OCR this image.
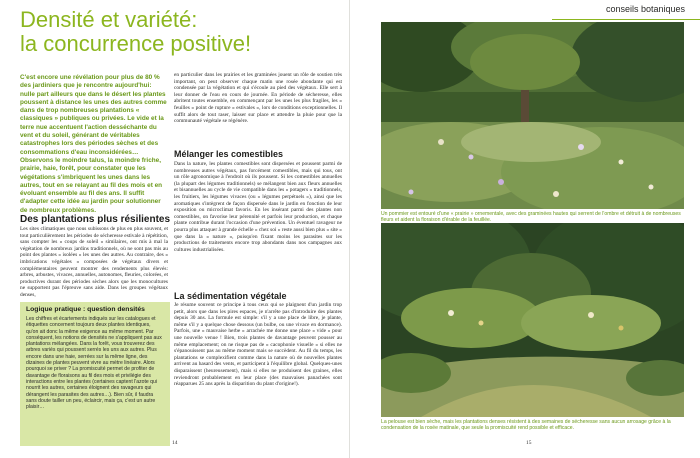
Densité et variété:
la concurrence positive!
C'est encore une révélation pour plus de 80 % des jardiniers que je rencontre aujourd'hui: nulle part ailleurs que dans le désert les plantes poussent à distance les unes des autres comme dans de trop nombreuses plantations « classiques » publiques ou privées. Le vide et la terre nue accentuent l'action desséchante du vent et du soleil, générant de véritables catastrophes lors des périodes sèches et des consommations d'eau inconsidérées… Observons le moindre talus, la moindre friche, prairie, haie, forêt, pour constater que les végétations s'imbriquent les unes dans les autres, tout en se relayant au fil des mois et en évoluant ensemble au fil des ans. Il suffit d'adapter cette idée au jardin pour solutionner de nombreux problèmes.
Des plantations plus résilientes
Les sites climatiques que nous subissons de plus en plus souvent, et tout particulièrement les périodes de sécheresse estivale à répétition, sans compter les « coups de soleil » similaires, ont mis à mal la végétation de nombreux jardins traditionnels, où ne sont pas mis au point des plantes « isolées » les unes des autres. Au contraire, des « imbrications végétales » composées de végétaux divers et complémentaires peuvent montrer des rendements plus élevés: arbres, arbustes, vivaces, annuelles, autonomes, fleuries, colorées, et productives durant des périodes sèches alors que les monocultures ne supportent pas l'épreuve sans aide. Dans les groupes végétaux denses,
Logique pratique : question densités
Les chiffres et écartements indiqués sur les catalogues et étiquettes concernent toujours deux plantes identiques, qu'on ait donc la même exigence au même moment. Par conséquent, les notions de densités ne s'appliquent pas aux plantations mélangées. Dans la forêt, vous trouverez des arbres variés qui poussent serrés les uns aux autres. Plus encore dans une haie, serrées sur la même ligne, des dizaines de plantes peuvent vivre au mètre linéaire. Alors pourquoi se priver ? La promiscuité permet de profiter de davantage de floraisons au fil des mois et privilégie des interactions entre les plantes (certaines captent l'azote qui nourrit les autres, certaines éloignent des ravageurs qui dérangent les parasites des autres…). Bien sûr, il faudra sans doute tailler un peu, éclaircir, mais ça, c'est un autre plaisir…
en particulier dans les prairies et les graminées jouent un rôle de soutien très important, on peut observer chaque matin une rosée abondante qui est condensée par la végétation et qui s'écoule au pied des végétaux. Elle sert à leur donner de l'eau en cours de journée. En période de sécheresse, elles abritent toutes ensemble, en commençant par les unes les plus fragiles, les « feuilles » point de rupture « estivales », lors de conditions exceptionnelles. Il suffit alors de tout raser, laisser sur place et attendre la pluie pour que la communauté végétale se régénère.
Mélanger les comestibles
Dans la nature, les plantes comestibles sont dispersées et poussent parmi de nombreuses autres végétaux, pas forcément comestibles, mais qui tous, ont un rôle agronomique à l'endroit où ils poussent. Si les comestibles annuelles (la plupart des légumes traditionnels) se mélangent bien aux fleurs annuelles et bisannuelles au cycle de vie compatible dans les « potagers » traditionnels, les fruitiers, les légumes vivaces (ou « légumes perpétuels »), ainsi que les aromatiques s'intègrent de façon dispersée dans le jardin en fonction de leur exposition ou microclimat favoris. En les insérant parmi des plantes non comestibles, on favorise leur pérennité et parfois leur production, et chaque plante contribue durant l'occasion d'une prévention. Un éventuel ravageur ne pourra plus attaquer à grande échelle « chez soi » reste aussi bien plus « site » que dans la « nature », puisqu'en fixant moins les parasites sur les productions de traitements encore trop abondants dans nos campagnes aux cultures industrialisées.
La sédimentation végétale
Je résume souvent ce principe à tous ceux qui se plaignent d'un jardin trop petit, alors que dans les pires espaces, je n'arrête pas d'introduire des plantes depuis 30 ans. La formule est simple: s'il y a une place de libre, je plante, même s'il y a quelque chose dessous (un bulbe, ou une vivace en dormance). Parfois, une « mauvaise herbe » arrachée me donne une place « vide » pour une nouvelle venue ! Bien, trois plantes de davantage peuvent pousser au même emplacement; on ne risque pas de « cacophonie visuelle » si elles ne s'épanouissent pas au même moment mais se succèdent. Au fil du temps, les plantations se complexifient comme dans la nature où de nouvelles plantes arrivent au hasard des vents, et participent à l'équilibre global. Quelques-unes disparaissent (heureusement), mais si elles ne produisent des graines, elles reviendront probablement en leur place (des mauvaises panachées sont réapparues 25 ans après la disparition du plant d'origine!).
14
conseils botaniques
Un pommier est entouré d'une « prairie » ornementale, avec des graminées hautes qui serrent de l'ombre et détruit à de nombreuses fleurs et aident la floraison d'érable de la feuillée.
La pelouse est bien sèche, mais les plantations denses résistent à des semaines de sécheresse sans aucun arrosage grâce à la condensation de la rosée matinale, que seule la promiscuité rend possible et efficace.
15
